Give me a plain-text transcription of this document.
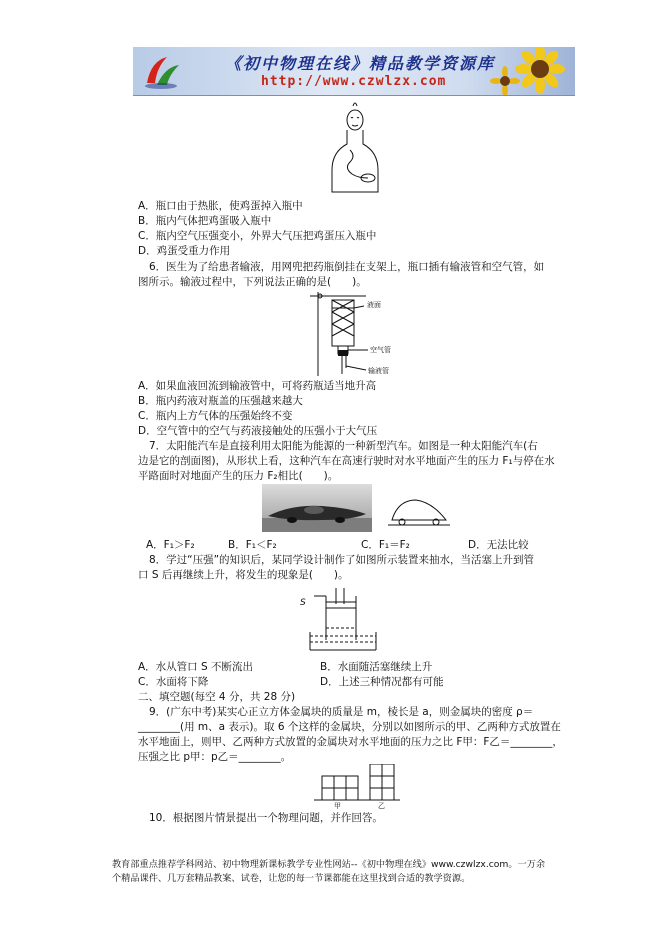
《初中物理在线》精品教学资源库
http://www.czwlzx.com
A．瓶口由于热胀，使鸡蛋掉入瓶中
B．瓶内气体把鸡蛋吸入瓶中
C．瓶内空气压强变小，外界大气压把鸡蛋压入瓶中
D．鸡蛋受重力作用
6．医生为了给患者输液，用网兜把药瓶倒挂在支架上，瓶口插有输液管和空气管，如
图所示。输液过程中，下列说法正确的是(　　)。
液面
空气管
输液管
A．如果血液回流到输液管中，可将药瓶适当地升高
B．瓶内药液对瓶盖的压强越来越大
C．瓶内上方气体的压强始终不变
D．空气管中的空气与药液接触处的压强小于大气压
7．太阳能汽车是直接利用太阳能为能源的一种新型汽车。如图是一种太阳能汽车(右
边是它的剖面图)，从形状上看，这种汽车在高速行驶时对水平地面产生的压力 F₁与停在水
平路面时对地面产生的压力 F₂相比(　　)。
A．F₁＞F₂	B．F₁＜F₂	C．F₁＝F₂	D．无法比较
8．学过“压强”的知识后，某同学设计制作了如图所示装置来抽水，当活塞上升到管
口 S 后再继续上升，将发生的现象是(　　)。
S
A．水从管口 S 不断流出	B．水面随活塞继续上升
C．水面将下降	D．上述三种情况都有可能
二、填空题(每空 4 分，共 28 分)
9．(广东中考)某实心正立方体金属块的质量是 m，棱长是 a，则金属块的密度 ρ＝
________(用 m、a 表示)。取 6 个这样的金属块，分别以如图所示的甲、乙两种方式放置在
水平地面上，则甲、乙两种方式放置的金属块对水平地面的压力之比 F甲：F乙＝________，
压强之比 p甲：p乙＝________。
甲	乙
10．根据图片情景提出一个物理问题，并作回答。
教育部重点推荐学科网站、初中物理新课标教学专业性网站--《初中物理在线》www.czwlzx.com。一万余
个精品课件、几万套精品教案、试卷，让您的每一节课都能在这里找到合适的教学资源。
